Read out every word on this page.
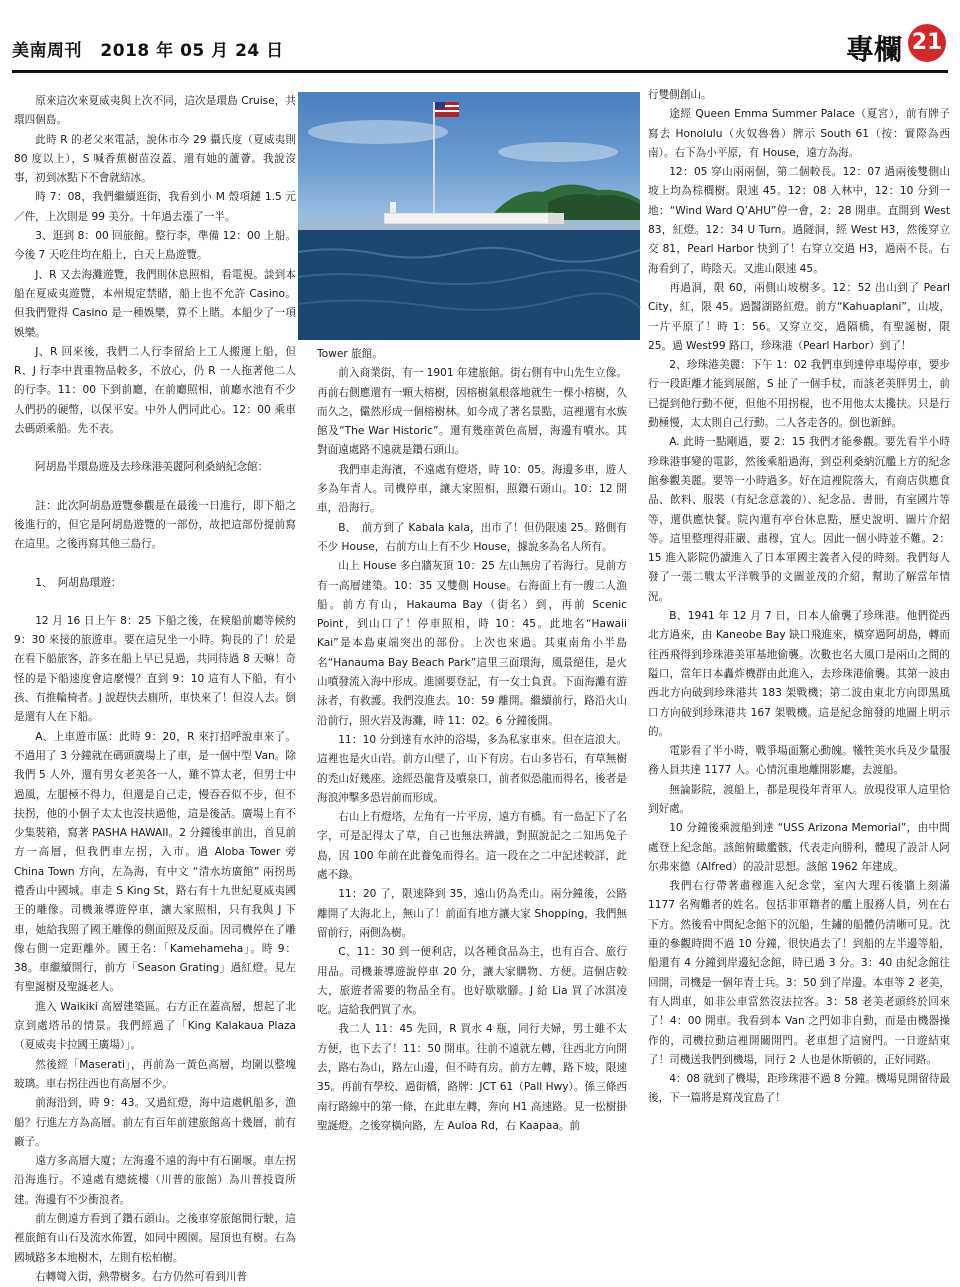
美南周刊 2018 年 05 月 24 日	專欄 21

原來這次來夏威夷與上次不同，這次是環島 Cruise，共環四個島。

此時 R 的老父來電話，說休市今 29 攝氏度（夏威夷則 80 度以上），S 喊香蕉樹苗沒蓋、還有她的蘆薈。我說沒事，初到冰點下不會就結冰。

時 7：08，我們繼續逛街，我看到小 M 殼項鏈 1.5 元／件，上次則是 99 美分。十年過去漲了一半。

3、逛到 8：00 回旅館。整行李，準備 12：00 上船。今後 7 天吃住均在船上，白天上島遊覽。

J、R 又去海灘遊覽，我們則休息照相，看電視。談到本船在夏威夷遊覽，本州規定禁睹，船上也不允許 Casino。但我們覺得 Casino 是一種娛樂，算不上賭。本船少了一項娛樂。

J、R 回來後，我們二人行李留給上工人搬運上船，但 R、J 行李中貴重物品較多，不放心，仍 R 一人拖著他二人的行李。11：00 下到前廳，在前廳照相，前廳水池有不少人們扔的硬幣，以保平安。中外人們同此心。12：00 乘車去碼頭乘船。先不表。

阿胡島半環島遊及去珍珠港美麗阿利桑納紀念館：

註：此次阿胡島遊覽參觀是在最後一日進行，即下船之後進行的，但它是阿胡島遊覽的一部份，故把這部份提前寫在這里。之後再寫其他三島行。

1、　阿胡島環遊：

12 月 16 日上午 8：25 下船之後，在候船前廳等候約 9：30 來接的旅遊車。要在這兒坐一小時。夠長的了！於是在看下船旅客，許多在船上早已見過，共同待過 8 天嘛！奇怪的是下船速度會這麼慢？直到 9：10 這有人下船，有小孩、有推輪椅者。J 說趕快去廁所，車快來了！但沒人去。倒是還有人在下船。

A、上車遊市區：此時 9：20，R 來打招呼說車來了。不過用了 3 分鐘就在碼頭廣場上了車，是一個中型 Van。除我們 5 人外，還有男女老美各一人，雖不算太老，但男士中過風，左腿極不得力，但還是自己走，慢吞吞似不步，但不扶拐，他的小個子太太也沒扶過他，這是後話。廣場上有不少集裝箱，寫著 PASHA HAWAII。2 分鐘後車前出，首見前方一高層，但我們車左拐，入市。過 Aloba Tower 旁 China Town 方向，左為海，有中文 “清水坊廣館” 兩拐馬禮香山中國城。車走 S King St，路右有十九世紀夏威夷國王的雕像。司機兼導遊停車，讓大家照相，只有我與 J 下車，她給我照了國王雕像的側面照及反面。因司機停在了雕像右側一定距離外。國王名：「Kamehameha」。時 9：38。車繼續開行，前方「Season Grating」過紅燈。見左有聖誕樹及聖誕老人。

進入 Waikiki 高層建築區。右方正在蓋高層，想起了北京到處塔吊的情景。我們經過了「King Kalakaua Plaza（夏威夷卡拉國王廣場）」。

然後經「Maserati」，再前為一黃色高層，均圍以整塊玻璃。車右拐往西也有高層不少。

前海沿到，時 9：43。又過紅燈，海中這處帆船多，漁船？行進左方為高層。前左有百年前建旅館高十幾層，前有廠子。

遠方多高層大廈；左海邊不遠的海中有石圍堰。車左拐沿海進行。不遠處有總統樓（川普的旅館）為川普投資所建。海邊有不少衝浪者。

前左側遠方看到了鑽石頭山。之後車穿旅館間行駛，這裡旅館有山石及流水佈置，如同中國園。屋頂也有樹。右為國城路多本地樹木，左則有松柏樹。

右轉彎入街，熱帶樹多。右方仍然可看到川普

Tower 旅館。

前入商業街，有一 1901 年建旅館。街右側有中山先生立像。再前右側應還有一顆大榕樹，因榕樹氣根落地就生一棵小榕樹，久而久之，儼然形成一個榕樹林。如今成了著名景點，這裡還有水族館及“The War Historic”。還有幾座黃色高層，海邊有噴水。其對面遠處路不遠就是鑽石頭山。

我們車走海濱，不遠處有燈塔，時 10：05。海邊多車，遊人多為年青人。司機停車，讓大家照相，照鑽石頭山。10：12 開車，沿海行。

B、　前方到了 Kabala kala，出市了！但仍限速 25。路側有不少 House，右前方山上有不少 House，據說多為名人所有。

山上 House 多白牆灰頂 10：25 左山無房了若海行。見前方有一高層建築。10：35 又雙側 House。右海面上有一艘二人漁船。前方有山，Hakauma Bay（街名）到，再前 Scenic Point，到山口了！停車照相，時 10：45。此地名“Hawaii Kai”是本島東端突出的部份。上次也來過。其東南角小半島名“Hanauma Bay Beach Park”這里三面環海，風景絕佳，是火山噴發流入海中形成。進園要登記，有一女士負責。下面海灘有游泳者，有救護。我們沒進去。10：59 離開。繼續前行，路沿火山沿前行，照火岩及海灘，時 11：02。6 分鐘後開。

11：10 分到達有水沖的浴場，多為私家車來。但在這浪大。這裡也是火山岩。前方山壁了，山下有房。右山多岩石，有草無樹的禿山好幾座。途經恐龍背及噴泉口，前者似恐龍而得名，後者是海浪沖擊多恐岩前而形成。

右山上有燈塔，左角有一片平房，遠方有橋。有一島記下了名字，可是記得太了草，自己也無法辨識，對照說記之二知馬兔子島，因 100 年前在此養兔而得名。這一段在之二中記述較詳，此處不錄。

11：20 了，限速降到 35，遠山仍為禿山。兩分鐘後，公路離開了大海北上，無山了！前面有地方讓大家 Shopping，我們無留前行，兩側為樹。

C、11：30 到一便利店，以各種食品為主，也有百合、旅行用品。司機兼導遊說停車 20 分，讓大家購物、方便。這個店較大，旅遊者需要的物品全有。也好歇歇腳。J 給 Lia 買了冰淇凌吃。這給我們買了水。

我二人 11：45 先回，R 買水 4 瓶，同行夫婦，男士雖不太方便，也下去了！11：50 開車。往前不遠就左轉，往西北方向開去，路右為山，路左山邊，但不時有房。前方左轉，路下坡，限速 35。再前有學校、過街橋，路牌：JCT 61（Pall Hwy）。係三條西南行路線中的第一條，在此車左轉，奔向 H1 高速路。見一松樹掛聖誕燈。之後穿橫向路，左 Auloa Rd，右 Kaapaa。前

行雙側創山。

途經 Queen Emma Summer Palace（夏宮），前有牌子寫去 Honolulu（火奴魯魯）牌示 South 61（按：實際為西南）。右下為小平原，有 House，遠方為海。

12：05 穿山兩兩個，第二個較長。12：07 過兩後雙側山坡上均為棕櫚樹。限速 45。12：08 入林中，12：10 分到一地：“Wind Ward Q’AHU”停一會，2：28 開車。直開到 West 83，紅燈。12：34 U Turn。過隧洞，經 West H3，然後穿立交 81，Pearl Harbor 快到了！右穿立交過 H3，過兩不長。右海看到了，時陰天。又進山限速 45。

再過洞，限 60，兩側山坡樹多。12：52 出山到了 Pearl City，紅，限 45。過醫湖路紅燈。前方“Kahuaplani”，山坡，一片平原了！時 1：56。又穿立交，過隔橋，有聖誕樹，限 25。過 West99 路口，珍珠港（Pearl Harbor）到了！

2、珍珠港美麗：下午 1：02 我們車到達停車場停車，要步行一段距離才能到展館，S 扯了一個手杖，而該老美胖男士，前已提到他行動不便，但他不用拐棍，也不用他太太攙扶。只是行動極慢，太太則自己行動。二人各走各的。倒也新鮮。

A. 此時一點剛過，要 2：15 我們才能參觀。要先看半小時珍珠港事變的電影，然後乘船過海，到亞利桑納沉艦上方的紀念館參觀美麗。要等一小時過多。好在這裡院落大，有商店供應食品、飲料、服裝（有紀念意義的）、紀念品、書冊，有室國片等等，還供應快餐。院內還有亭台休息點，歷史說明、圖片介紹等。這里整理得莊嚴、肅穆，宜人。因此一個小時並不難。2：15 進入影院仍讀進入了日本軍國主義者入侵的時刻。我們每人發了一張二戰太平洋戰爭的文圖並茂的介紹，幫助了解當年情況。

B、1941 年 12 月 7 日，日本人偷襲了珍珠港。他們從西北方過來，由 Kaneobe Bay 缺口飛進來，橫穿過阿胡島，轉而往西飛得到珍珠港美軍基地偷襲。次數也名大風口是兩山之間的隘口，當年日本轟炸機群由此進入，去珍珠港偷襲。其第一波由西北方向破到珍珠港共 183 架戰機；第二波由東北方向即黑風口方向破到珍珠港共 167 架戰機。這是紀念館發的地圖上明示的。

電影看了半小時，戰爭場面驚心動魄。犧牲美水兵及少量服務人員共達 1177 人。心情沉重地離開影廳，去渡船。

無論影院，渡船上，都是現役年青軍人。放現役軍人這里恰到好處。

10 分鐘後乘渡船到達 “USS Arizona Memorial”，由中間處登上紀念館。該館俯瞰艦骸，代表走向勝利，體現了設計人阿尔弗來德（Alfred）的設計思想。該館 1962 年建成。

我們右行帶著肅穆進入紀念堂，室內大理石後牆上刻滿 1177 名殉難者的姓名。包括非軍籍者的艦上服務人員，列在右下方。然後看中間紀念館下的沉船，生鏽的船體仍清晰可見。沈重的參觀時間不過 10 分鐘，很快過去了！到船的左半邊等船，船還有 4 分鐘到岸邊紀念館，時已過 3 分。3：40 由紀念館往回開，司機是一個年青士兵。3：50 到了岸邊。本車等 2 老美，有人問車，如非公車當然沒法拉客。3：58 老美老頭終於回來了！4：00 開車。我看到本 Van 之門如非自動，而是由機器操作的，司機拉動這裡開關開門。老車想了這窗門。一日遊結束了！司機送我們到機場，同行 2 人也是休斯頓的，正好同路。

4：08 就到了機場，距珍珠港不過 8 分鐘。機場見開留待最後，下一篇將是寫茂宜島了！
